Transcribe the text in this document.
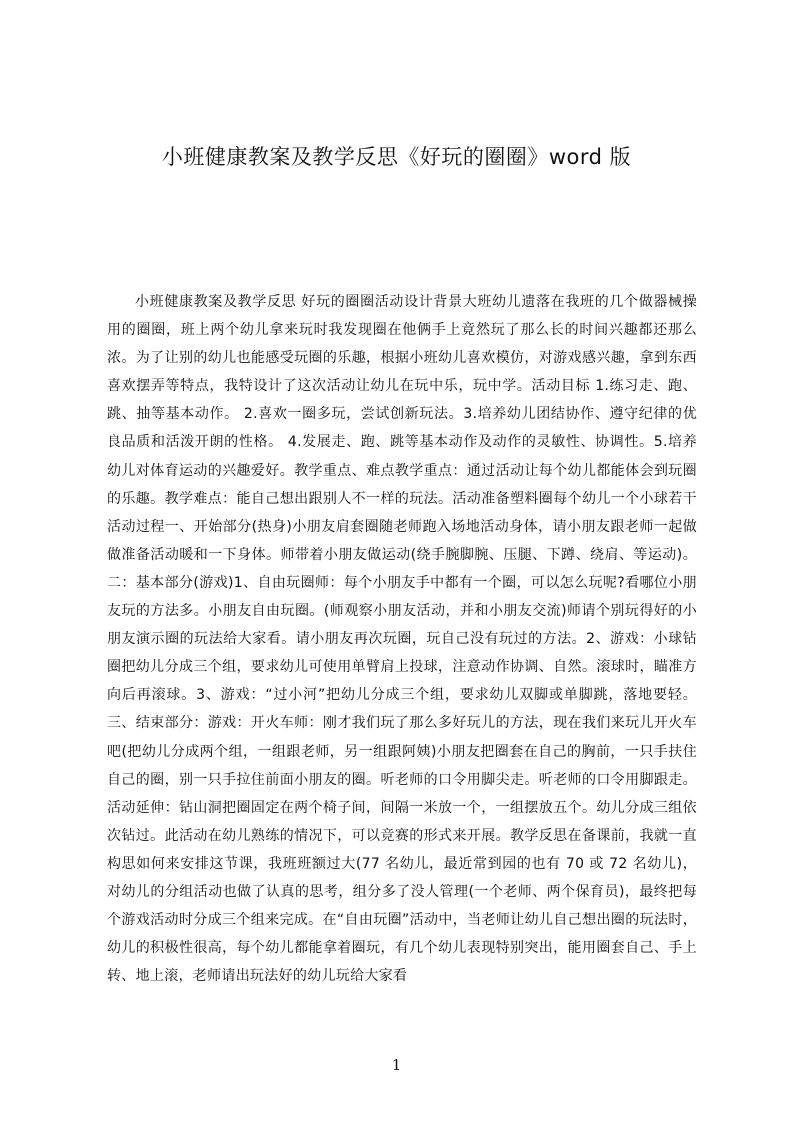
小班健康教案及教学反思《好玩的圈圈》word 版

小班健康教案及教学反思 好玩的圈圈活动设计背景大班幼儿遗落在我班的几个做器械操用的圈圈，班上两个幼儿拿来玩时我发现圈在他俩手上竟然玩了那么长的时间兴趣都还那么浓。为了让别的幼儿也能感受玩圈的乐趣，根据小班幼儿喜欢模仿，对游戏感兴趣，拿到东西喜欢摆弄等特点，我特设计了这次活动让幼儿在玩中乐，玩中学。活动目标 1.练习走、跑、跳、抽等基本动作。 2.喜欢一圈多玩，尝试创新玩法。3.培养幼儿团结协作、遵守纪律的优良品质和活泼开朗的性格。 4.发展走、跑、跳等基本动作及动作的灵敏性、协调性。5.培养幼儿对体育运动的兴趣爱好。教学重点、难点教学重点：通过活动让每个幼儿都能体会到玩圈的乐趣。教学难点：能自己想出跟别人不一样的玩法。活动准备塑料圈每个幼儿一个小球若干活动过程一、开始部分(热身)小朋友肩套圈随老师跑入场地活动身体，请小朋友跟老师一起做做准备活动暖和一下身体。师带着小朋友做运动(绕手腕脚腕、压腿、下蹲、绕肩、等运动)。二：基本部分(游戏)1、自由玩圈师：每个小朋友手中都有一个圈，可以怎么玩呢?看哪位小朋友玩的方法多。小朋友自由玩圈。(师观察小朋友活动，并和小朋友交流)师请个别玩得好的小朋友演示圈的玩法给大家看。请小朋友再次玩圈，玩自己没有玩过的方法。2、游戏：小球钻圈把幼儿分成三个组，要求幼儿可使用单臂肩上投球，注意动作协调、自然。滚球时，瞄准方向后再滚球。3、游戏：“过小河”把幼儿分成三个组，要求幼儿双脚或单脚跳，落地要轻。三、结束部分：游戏：开火车师：刚才我们玩了那么多好玩儿的方法，现在我们来玩儿开火车吧(把幼儿分成两个组，一组跟老师，另一组跟阿姨)小朋友把圈套在自己的胸前，一只手扶住自己的圈，别一只手拉住前面小朋友的圈。听老师的口令用脚尖走。听老师的口令用脚跟走。活动延伸：钻山洞把圈固定在两个椅子间，间隔一米放一个，一组摆放五个。幼儿分成三组依次钻过。此活动在幼儿熟练的情况下，可以竞赛的形式来开展。教学反思在备课前，我就一直构思如何来安排这节课，我班班额过大(77 名幼儿，最近常到园的也有 70 或 72 名幼儿)，对幼儿的分组活动也做了认真的思考，组分多了没人管理(一个老师、两个保育员)，最终把每个游戏活动时分成三个组来完成。在“自由玩圈”活动中，当老师让幼儿自己想出圈的玩法时，幼儿的积极性很高，每个幼儿都能拿着圈玩，有几个幼儿表现特别突出，能用圈套自己、手上转、地上滚，老师请出玩法好的幼儿玩给大家看

1
